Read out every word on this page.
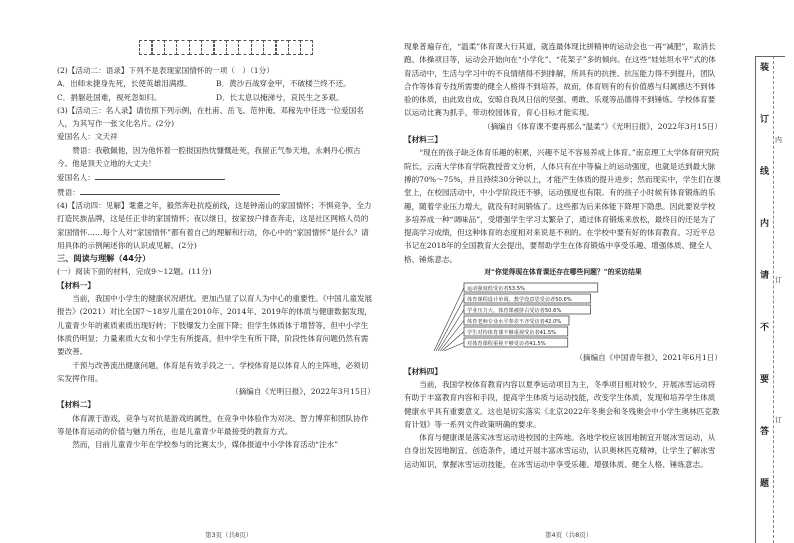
(2)【活动二：语录】下列不是表现家国情怀的一项（　）（1分）

A．出师未捷身先死，长使英雄泪满襟。	B．黄沙百战穿金甲，不破楼兰终不还。
C．捐躯赴国难，视死忽如归。	D．长太息以掩涕兮，哀民生之多艰。

(3)【活动三：名人录】请仿照下列示例，在杜甫、岳飞、范仲淹、邓稼先中任选一位爱国名人，为其写作一张文化名片。(2分)

爱国名人：文天祥

赞语：我敬佩他，因为他怀着一腔报国热忱慷慨赴死，我留正气参天地，永剩丹心照古今。他是顶天立地的大丈夫！

爱国名人：

赞语：

(4)【活动四：见解】耄耋之年，毅然奔赴抗疫前线，这是钟南山的家国情怀；不惧竞争，全力打造民族品牌，这是任正非的家国情怀；夜以继日，按家按户排查奔走，这是社区网格人员的家国情怀……每个人对“家国情怀”都有着自己的理解和行动，你心中的“家国情怀”是什么？请用具体的示例阐述你的认识或见解。(2分)

三、阅读与理解（44分）

(一）阅读下面的材料，完成9～12题。(11分)

【材料一】

当前，我国中小学生的健康状况堪忧。更加凸显了以育人为中心的重要性。《中国儿童发展报告》(2021）对比全国7～18岁儿童在2010年、2014年、2019年的体质与健康数据发现，儿童青少年的素质素质出现好转；下肢爆发力全面下降；但学生体质体于增替等，但中小学生体质仍明显；力量素质大女和小学生有所提高，但中学生有所下降，阶段性体育问题仍然有需要改善。

千预与改善流出健康问题，体育是有效手段之一。学校体育是以体育人的主阵地，必须切实发挥作用。

（摘编自《光明日报》，2022年3月15日）

【材料二】

体育源于游戏，竞争与对抗是游戏的属性，在竞争中体验作为对决、智力博弈和团队协作等是体育运动的价值与魅力所在，也是儿童青少年最接受的教育方式。

然而，目前儿童青少年在学校参与的比赛太少，媒体报道中小学体育活动“注水”

第3页（共8页）

现象普遍存在，“温柔”体育课大行其道，就连最体现比拼精神的运动会也一再“减肥”，取消长跑、体操项目等，运动会开始向在“小学化”、“花架子”多的倾向。在这些“娃娃坦水平”式的体育活动中，生活与学习中的不良情绪得不到排解，所具有的抗挫、抗压能力得不到提升，团队合作等体育专技所需要的健全人格得不到培养，故而，体育则有的有价值感与归属感达不到体验的体质，由此致自成、安晾自我风日信的坚强、勇敢、乐观等品德得不到锤炼。学校体育要以运动比赛为抓手，带动校园体育，育心目标才能实现。

（摘编自《体育课不要再那么“温柔”》《光明日报》，2022年3月15日）

【材料三】

“现在的孩子缺乏体育乐趣的积累，兴趣不足不容易养成上体育。”南京理工大学体育研究院院长、云南大学体育学院教授曾文分析，人体只有在中等偏上的运动强度，也就是达到最大脉搏的70%～75%，并且持续30分钟以上，才能产生体质的提升进步；然而现实中，学生们在课堂上，在校园活动中，中小学阶段还不够，运动强度也有限。有的孩子小时候有体育锻炼的乐趣，随着学业压力增大，就没有时间锻炼了。这些都为后来体能下降埋下隐患。因此要说学校多培养成一种“调味品”，受增强学生学习太繁杂了，通过体育锻炼来放松，最终目的还是为了提高学习成绩，但这种体育的态度相对来说是不利的。在学校中要有好的体育教育。习近平总书记在2018年的全国教育大会提出，要帮助学生在体育锻炼中享受乐趣、增强体质、健全人格、锤炼意志。

对“你觉得现在体育课还存在哪些问题？”的采访结果

运动强度低受访者53.5%
体育课程设计单调，教学没意思受访者50.6%
学业压力大，体育课被挤占受访者50.6%
体育老师专业水平参差不齐受访者42.0%
学生对待体育课不够重视受访者41.5%
对体育课程重视不够受访者41.5%

（摘编自《中国青年报》，2021年6月1日）

【材料四】

当前，我国学校体育教育内容以夏季运动项目为主，冬季项目相对较少，开展冰雪运动将有助于丰富教育内容和手段，提高学生体质与运动技能，改变学生体质，发现和培养学生体质健康水平具有重要意义。这也是切实落实《北京2022年冬奥会和冬残奥会中小学生奥林匹克教育计划》等一系列文件政策明确的要求。

体育与健康课是落实冰雪运动进校园的主阵地。各地学校应该因地制宜开展冰雪运动，从自身出发因地制宜、创造条件，通过开展丰富冰雪运动，认识奥林匹克精神，让学生了解冰雪运动知识，掌握冰雪运动技能，在冰雪运动中享受乐趣、增强体质、健全人格、锤炼意志。

第4页（共8页）
装
订
线
内
请
不
要
答
题
内
订
订
